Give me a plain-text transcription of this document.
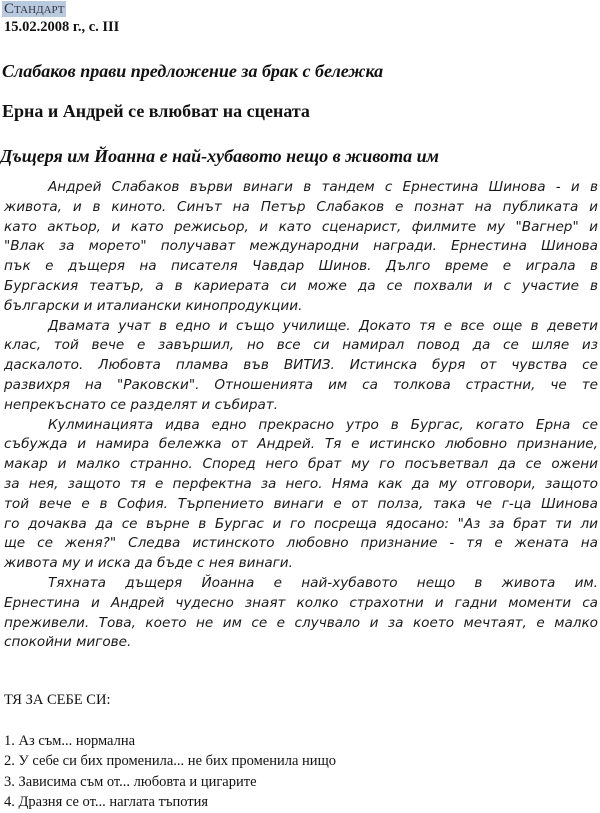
Стандарт
15.02.2008 г., с. III
Слабаков прави предложение за брак с бележка
Ерна и Андрей се влюбват на сцената
Дъщеря им Йоанна е най-хубавото нещо в живота им
Андрей Слабаков върви винаги в тандем с Ернестина Шинова - и в
живота, и в киното. Синът на Петър Слабаков е познат на публиката и
като актьор, и като режисьор, и като сценарист, филмите му "Вагнер" и
"Влак за морето" получават международни награди. Ернестина Шинова
пък е дъщеря на писателя Чавдар Шинов. Дълго време е играла в
Бургаския театър, а в кариерата си може да се похвали и с участие в
български и италиански кинопродукции.
Двамата учат в едно и също училище. Докато тя е все още в девети
клас, той вече е завършил, но все си намирал повод да се шляе из
даскалото. Любовта пламва във ВИТИЗ. Истинска буря от чувства се
развихря на "Раковски". Отношенията им са толкова страстни, че те
непрекъснато се разделят и събират.
Кулминацията идва едно прекрасно утро в Бургас, когато Ерна се
събужда и намира бележка от Андрей. Тя е истинско любовно признание,
макар и малко странно. Според него брат му го посъветвал да се ожени
за нея, защото тя е перфектна за него. Няма как да му отговори, защото
той вече е в София. Търпението винаги е от полза, така че г-ца Шинова
го дочаква да се върне в Бургас и го посреща ядосано: "Аз за брат ти ли
ще се женя?" Следва истинското любовно признание - тя е жената на
живота му и иска да бъде с нея винаги.
Тяхната дъщеря Йоанна е най-хубавото нещо в живота им.
Ернестина и Андрей чудесно знаят колко страхотни и гадни моменти са
преживели. Това, което не им се е случвало и за което мечтаят, е малко
спокойни мигове.
ТЯ ЗА СЕБЕ СИ:
1. Аз съм... нормална
2. У себе си бих променила... не бих променила нищо
3. Зависима съм от... любовта и цигарите
4. Дразня се от... наглата тъпотия
